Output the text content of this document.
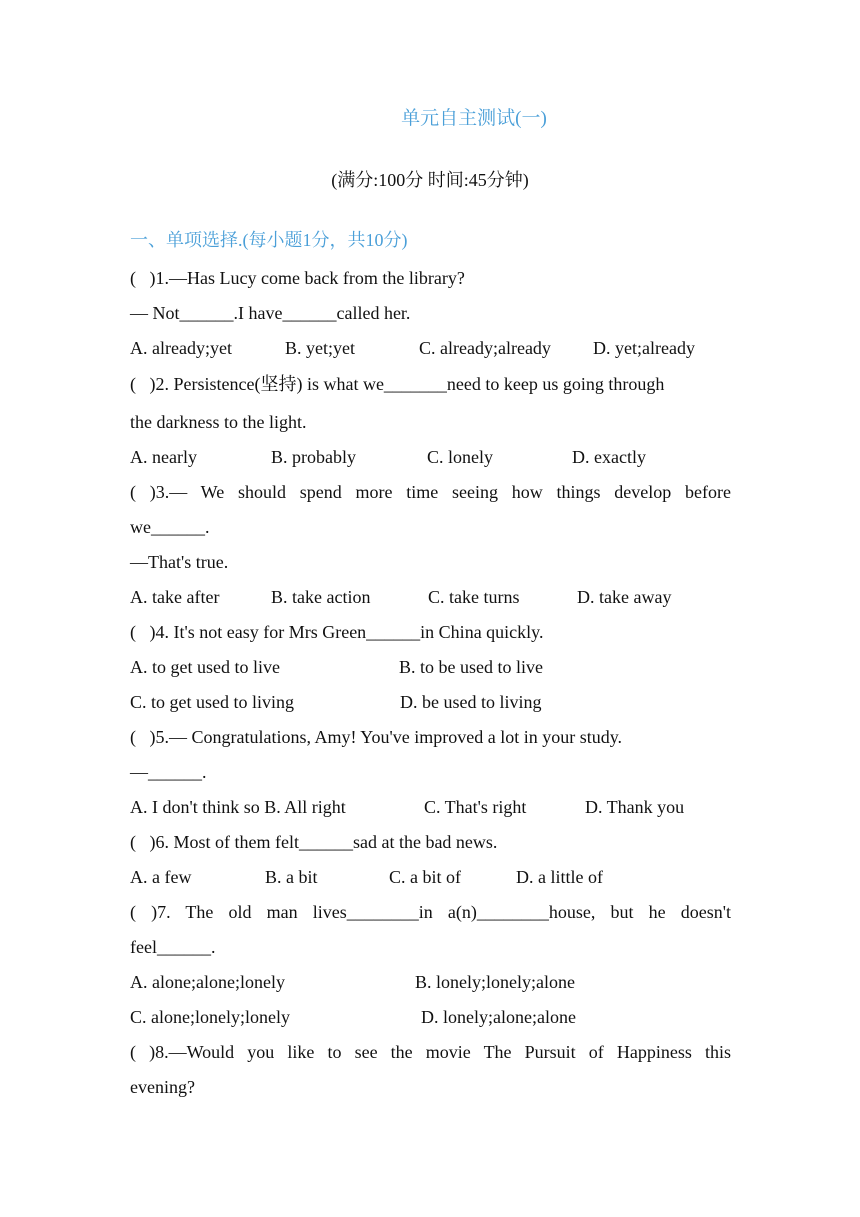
单元自主测试(一)
(满分:100分 时间:45分钟)
一、单项选择.(每小题1分，共10分)
(   )1.—Has Lucy come back from the library?
— Not______.I have______called her.
A. already;yet	B. yet;yet	C. already;already D. yet;already
(   )2. Persistence(坚持) is what we_______need to keep us going through
the darkness to the light.
A. nearly	B. probably	C. lonely	D. exactly
( )3.— We should spend more time seeing how things develop before
we______.
—That's true.
A. take after	B. take action	C. take turns	D. take away
(   )4. It's not easy for Mrs Green______in China quickly.
A. to get used to live	B. to be used to live
C. to get used to living	D. be used to living
(   )5.— Congratulations, Amy! You've improved a lot in your study.
—______.
A. I don't think so B. All right	C. That's right	D. Thank you
(   )6. Most of them felt______sad at the bad news.
A. a few	B. a bit	C. a bit of	D. a little of
( )7. The old man lives________in a(n)________house, but he doesn't
feel______.
A. alone;alone;lonely	B. lonely;lonely;alone
C. alone;lonely;lonely	D. lonely;alone;alone
( )8.—Would you like to see the movie The Pursuit of Happiness this
evening?
